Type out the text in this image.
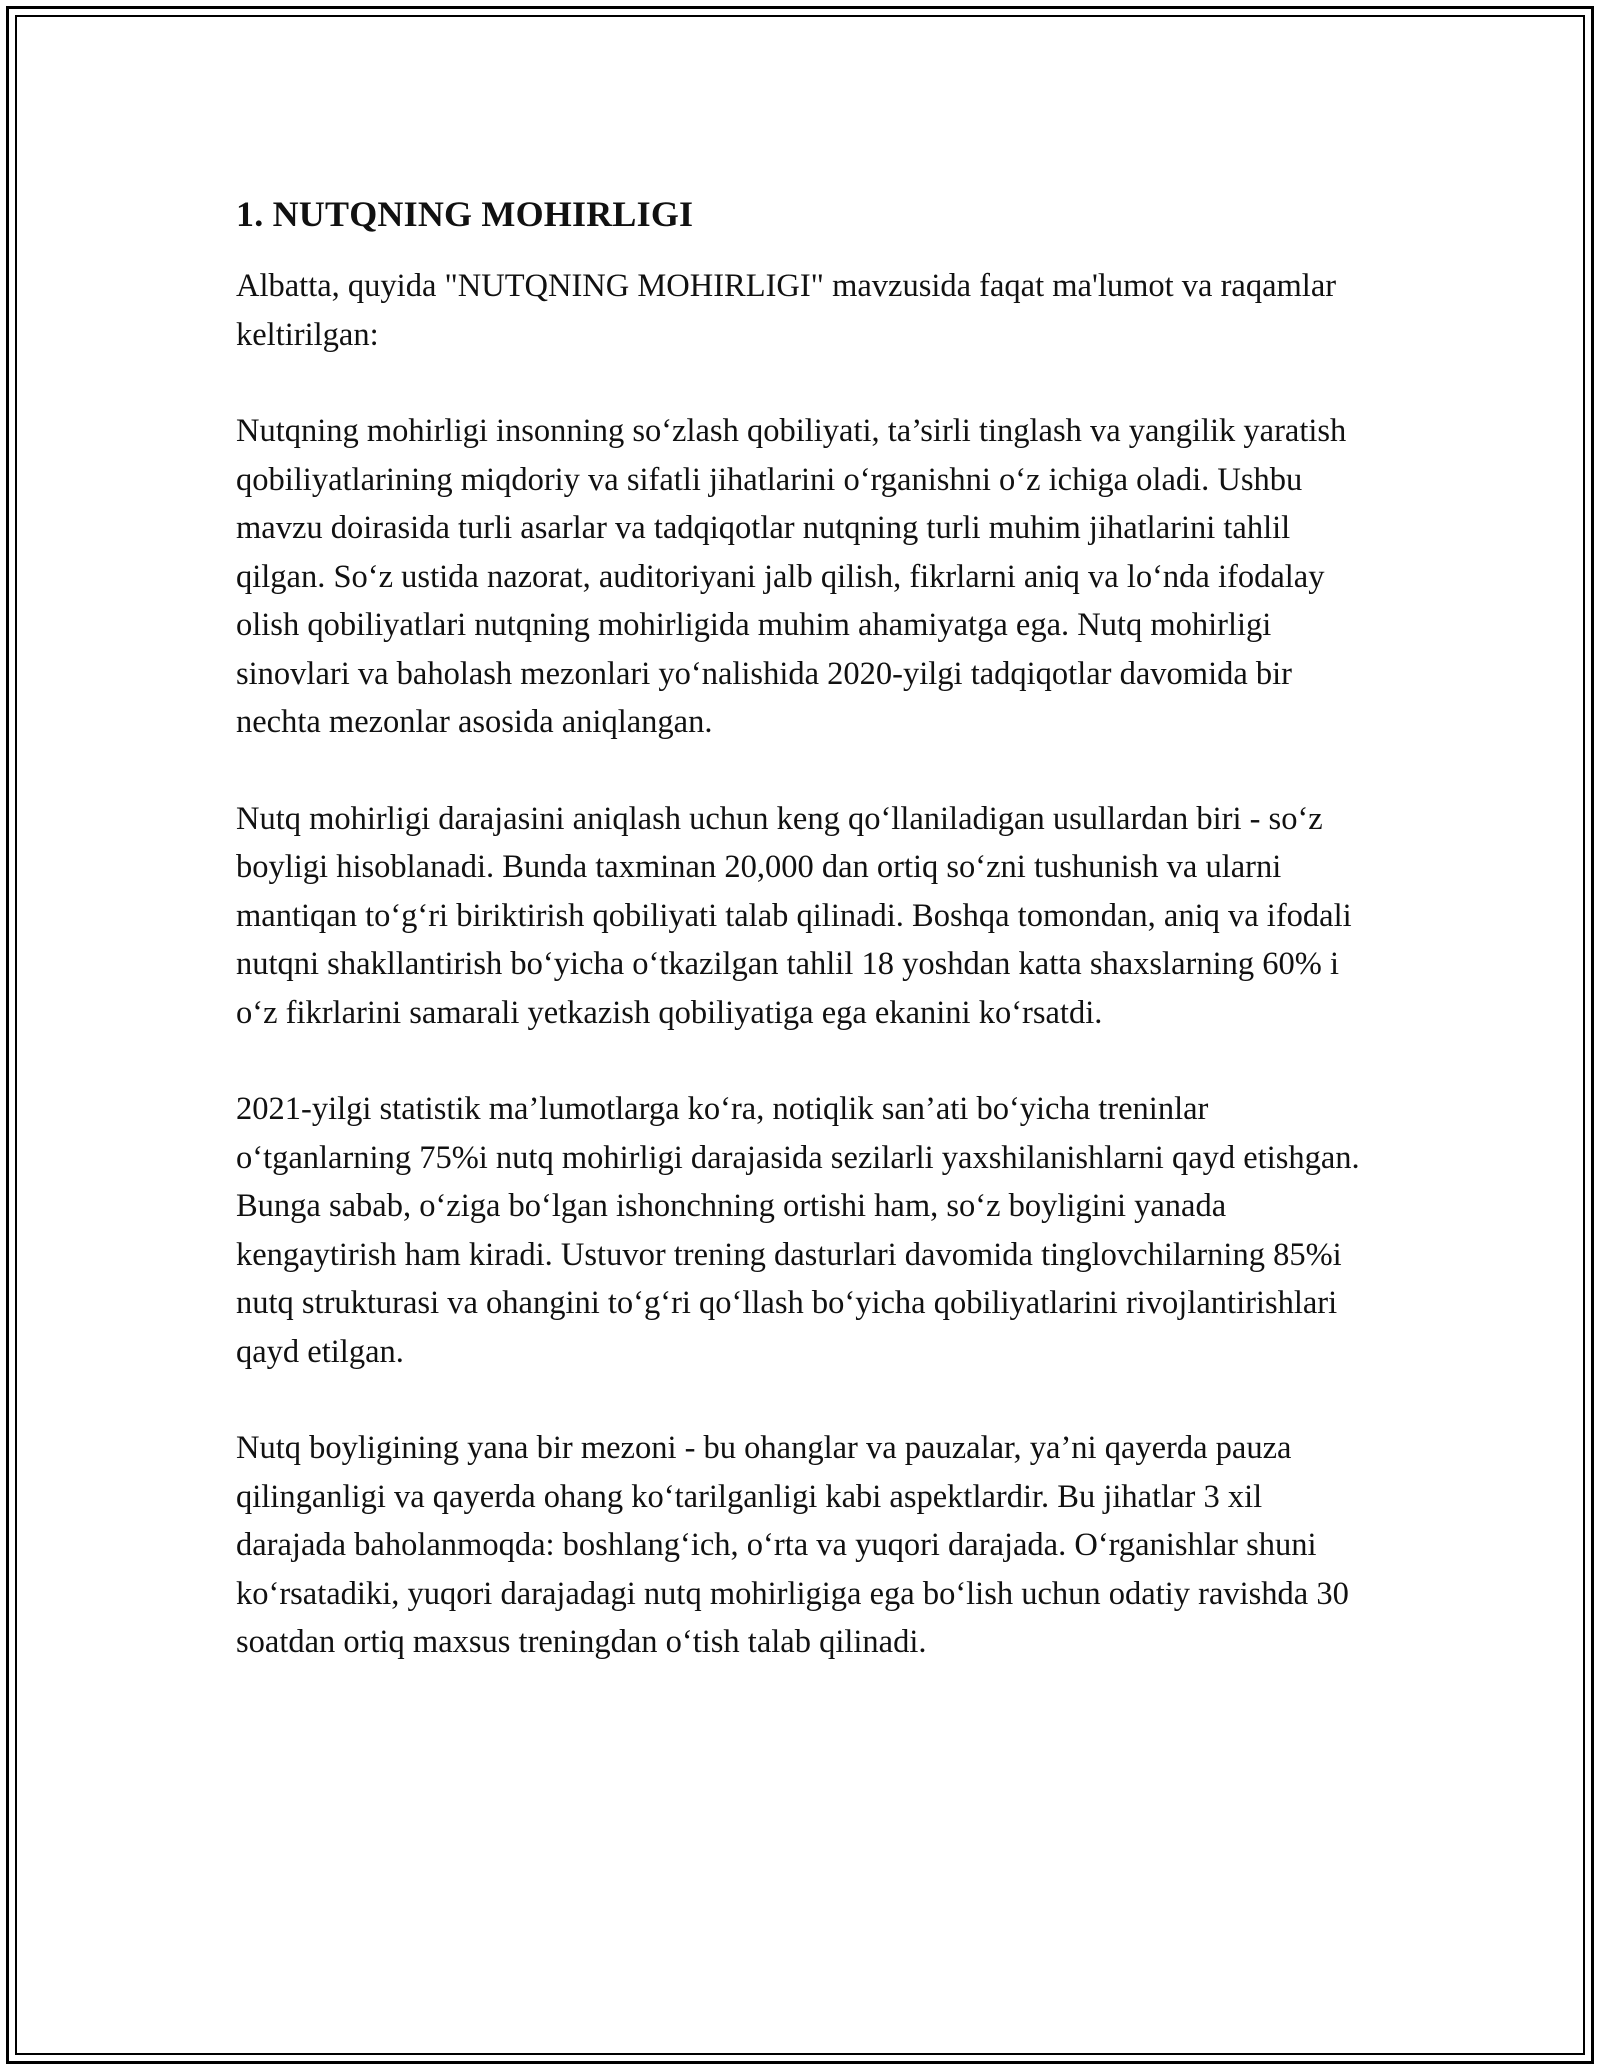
1. NUTQNING MOHIRLIGI

Albatta, quyida "NUTQNING MOHIRLIGI" mavzusida faqat ma'lumot va raqamlar keltirilgan:

Nutqning mohirligi insonning so‘zlash qobiliyati, ta’sirli tinglash va yangilik yaratish qobiliyatlarining miqdoriy va sifatli jihatlarini o‘rganishni o‘z ichiga oladi. Ushbu mavzu doirasida turli asarlar va tadqiqotlar nutqning turli muhim jihatlarini tahlil qilgan. So‘z ustida nazorat, auditoriyani jalb qilish, fikrlarni aniq va lo‘nda ifodalay olish qobiliyatlari nutqning mohirligida muhim ahamiyatga ega. Nutq mohirligi sinovlari va baholash mezonlari yo‘nalishida 2020-yilgi tadqiqotlar davomida bir nechta mezonlar asosida aniqlangan.

Nutq mohirligi darajasini aniqlash uchun keng qo‘llaniladigan usullardan biri - so‘z boyligi hisoblanadi. Bunda taxminan 20,000 dan ortiq so‘zni tushunish va ularni mantiqan to‘g‘ri biriktirish qobiliyati talab qilinadi. Boshqa tomondan, aniq va ifodali nutqni shakllantirish bo‘yicha o‘tkazilgan tahlil 18 yoshdan katta shaxslarning 60% i o‘z fikrlarini samarali yetkazish qobiliyatiga ega ekanini ko‘rsatdi.

2021-yilgi statistik ma’lumotlarga ko‘ra, notiqlik san’ati bo‘yicha treninlar o‘tganlarning 75%i nutq mohirligi darajasida sezilarli yaxshilanishlarni qayd etishgan. Bunga sabab, o‘ziga bo‘lgan ishonchning ortishi ham, so‘z boyligini yanada kengaytirish ham kiradi. Ustuvor trening dasturlari davomida tinglovchilarning 85%i nutq strukturasi va ohangini to‘g‘ri qo‘llash bo‘yicha qobiliyatlarini rivojlantirishlari qayd etilgan.

Nutq boyligining yana bir mezoni - bu ohanglar va pauzalar, ya’ni qayerda pauza qilinganligi va qayerda ohang ko‘tarilganligi kabi aspektlardir. Bu jihatlar 3 xil darajada baholanmoqda: boshlang‘ich, o‘rta va yuqori darajada. O‘rganishlar shuni ko‘rsatadiki, yuqori darajadagi nutq mohirligiga ega bo‘lish uchun odatiy ravishda 30 soatdan ortiq maxsus treningdan o‘tish talab qilinadi.
